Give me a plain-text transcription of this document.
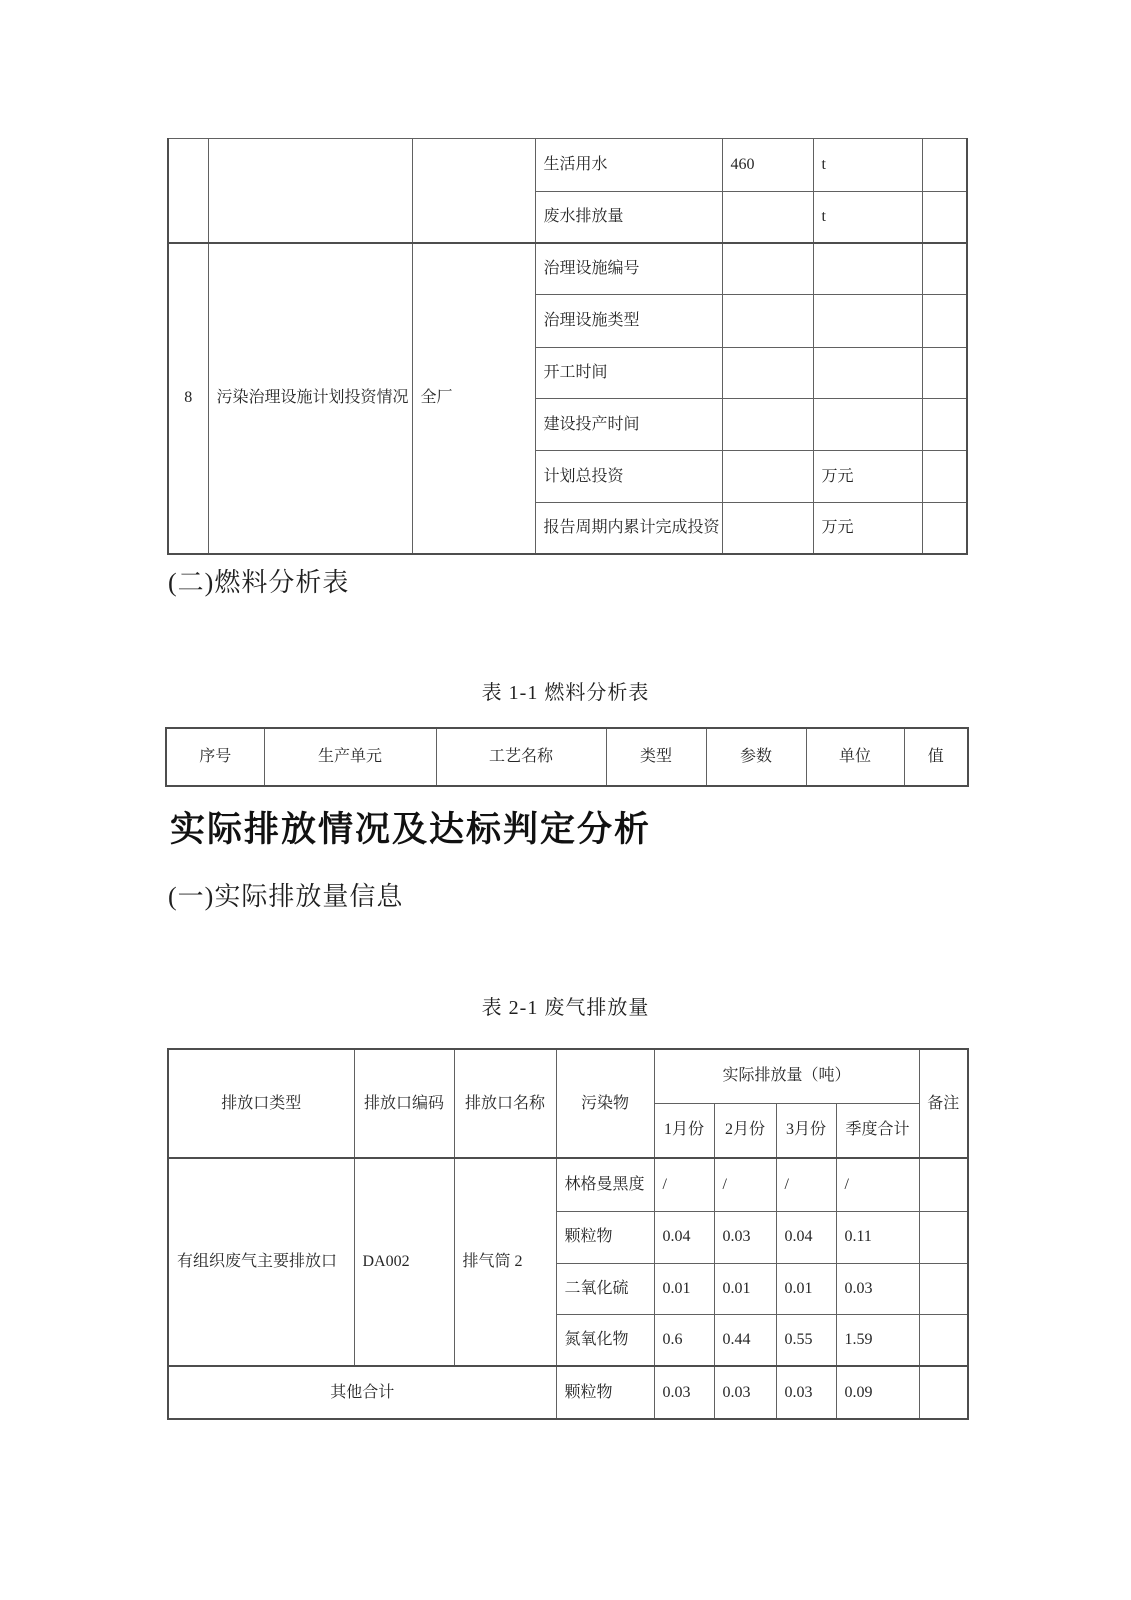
			生活用水	460	t	
			废水排放量		t	
8	污染治理设施计划投资情况	全厂	治理设施编号			
			治理设施类型			
			开工时间			
			建设投产时间			
			计划总投资		万元	
			报告周期内累计完成投资		万元	
(二)燃料分析表
表 1-1 燃料分析表
序号	生产单元	工艺名称	类型	参数	单位	值
实际排放情况及达标判定分析
(一)实际排放量信息
表 2-1 废气排放量
排放口类型	排放口编码	排放口名称	污染物	实际排放量（吨）				备注
				1月份	2月份	3月份	季度合计	
有组织废气主要排放口	DA002	排气筒 2	林格曼黑度	/	/	/	/	
			颗粒物	0.04	0.03	0.04	0.11	
			二氧化硫	0.01	0.01	0.01	0.03	
			氮氧化物	0.6	0.44	0.55	1.59	
其他合计			颗粒物	0.03	0.03	0.03	0.09	
